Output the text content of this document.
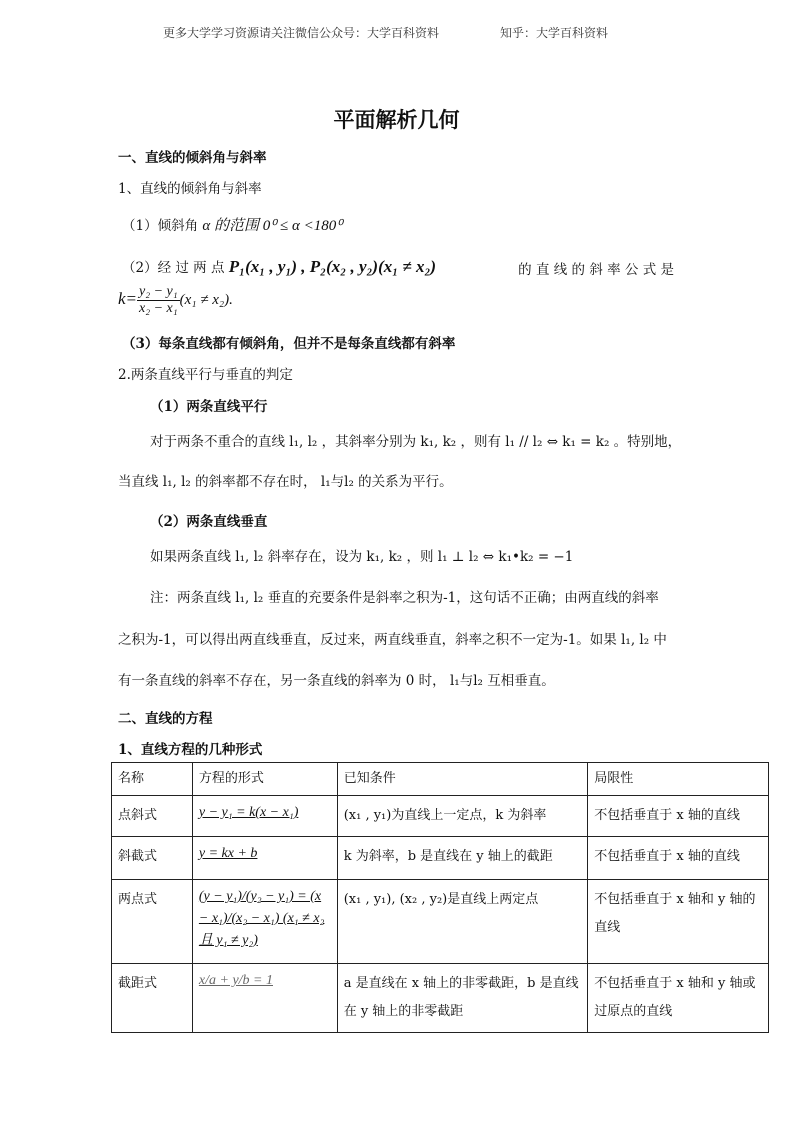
更多大学学习资源请关注微信公众号：大学百科资料	知乎：大学百科资料
平面解析几何
一、直线的倾斜角与斜率
1、直线的倾斜角与斜率
（1）倾斜角 α 的范围 0⁰ ≤ α <180⁰
（2）经 过 两 点 P₁(x₁ , y₁) , P₂(x₂ , y₂)(x₁ ≠ x₂)	的 直 线 的 斜 率 公 式 是
$k= \frac{\text{y₂ − y₁}}{\text{x₂ − x₁}} (x_1 \ne x_2)$.
（3）每条直线都有倾斜角，但并不是每条直线都有斜率
2.两条直线平行与垂直的判定
（1）两条直线平行
对于两条不重合的直线 l₁, l₂ ，其斜率分别为 k₁, k₂ ，则有 l₁ // l₂ ⇔ k₁ = k₂ 。特别地，
当直线 l₁, l₂ 的斜率都不存在时， l₁与l₂ 的关系为平行。
（2）两条直线垂直
如果两条直线 l₁, l₂ 斜率存在，设为 k₁, k₂ ，则 l₁ ⊥ l₂ ⇔ k₁•k₂ = −1
注：两条直线 l₁, l₂ 垂直的充要条件是斜率之积为-1，这句话不正确；由两直线的斜率
之积为-1，可以得出两直线垂直，反过来，两直线垂直，斜率之积不一定为-1。如果 l₁, l₂ 中
有一条直线的斜率不存在，另一条直线的斜率为 0 时， l₁与l₂ 互相垂直。
二、直线的方程
1、直线方程的几种形式
名称	方程的形式	已知条件	局限性
点斜式	y − y₁ = k(x − x₁)	(x₁ , y₁)为直线上一定点，k 为斜率	不包括垂直于 x 轴的直线
斜截式	y = kx + b	k 为斜率，b 是直线在 y 轴上的截距	不包括垂直于 x 轴的直线
两点式	(y − y₁)/(y₂ − y₁) = (x − x₁)/(x₂ − x₁) (x₁ ≠ x₂ 且 y₁ ≠ y₂)	(x₁ , y₁), (x₂ , y₂)是直线上两定点	不包括垂直于 x 轴和 y 轴的直线
截距式	x/a + y/b = 1	a 是直线在 x 轴上的非零截距，b 是直线在 y 轴上的非零截距	不包括垂直于 x 轴和 y 轴或过原点的直线
